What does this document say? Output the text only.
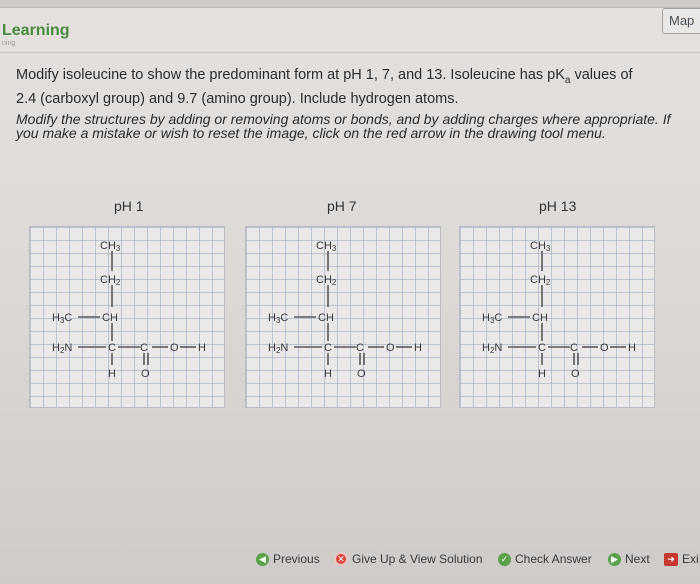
Map
Learning
ning
Modify isoleucine to show the predominant form at pH 1, 7, and 13. Isoleucine has $pK_a$ values of
2.4 (carboxyl group) and 9.7 (amino group). Include hydrogen atoms.
Modify the structures by adding or removing atoms or bonds, and by adding charges where appropriate. If you make a mistake or wish to reset the image, click on the red arrow in the drawing tool menu.
pH 1	pH 7	pH 13
CH3
CH2
H3C	CH
H2N	C C O H
H O
CH3
CH2
H3C	CH
H2N	C C O H
H O
CH3
CH2
H3C	CH
H2N	C C O H
H O
◀ Previous	✕ Give Up & View Solution	✓ Check Answer	▶ Next	➜ Exi
